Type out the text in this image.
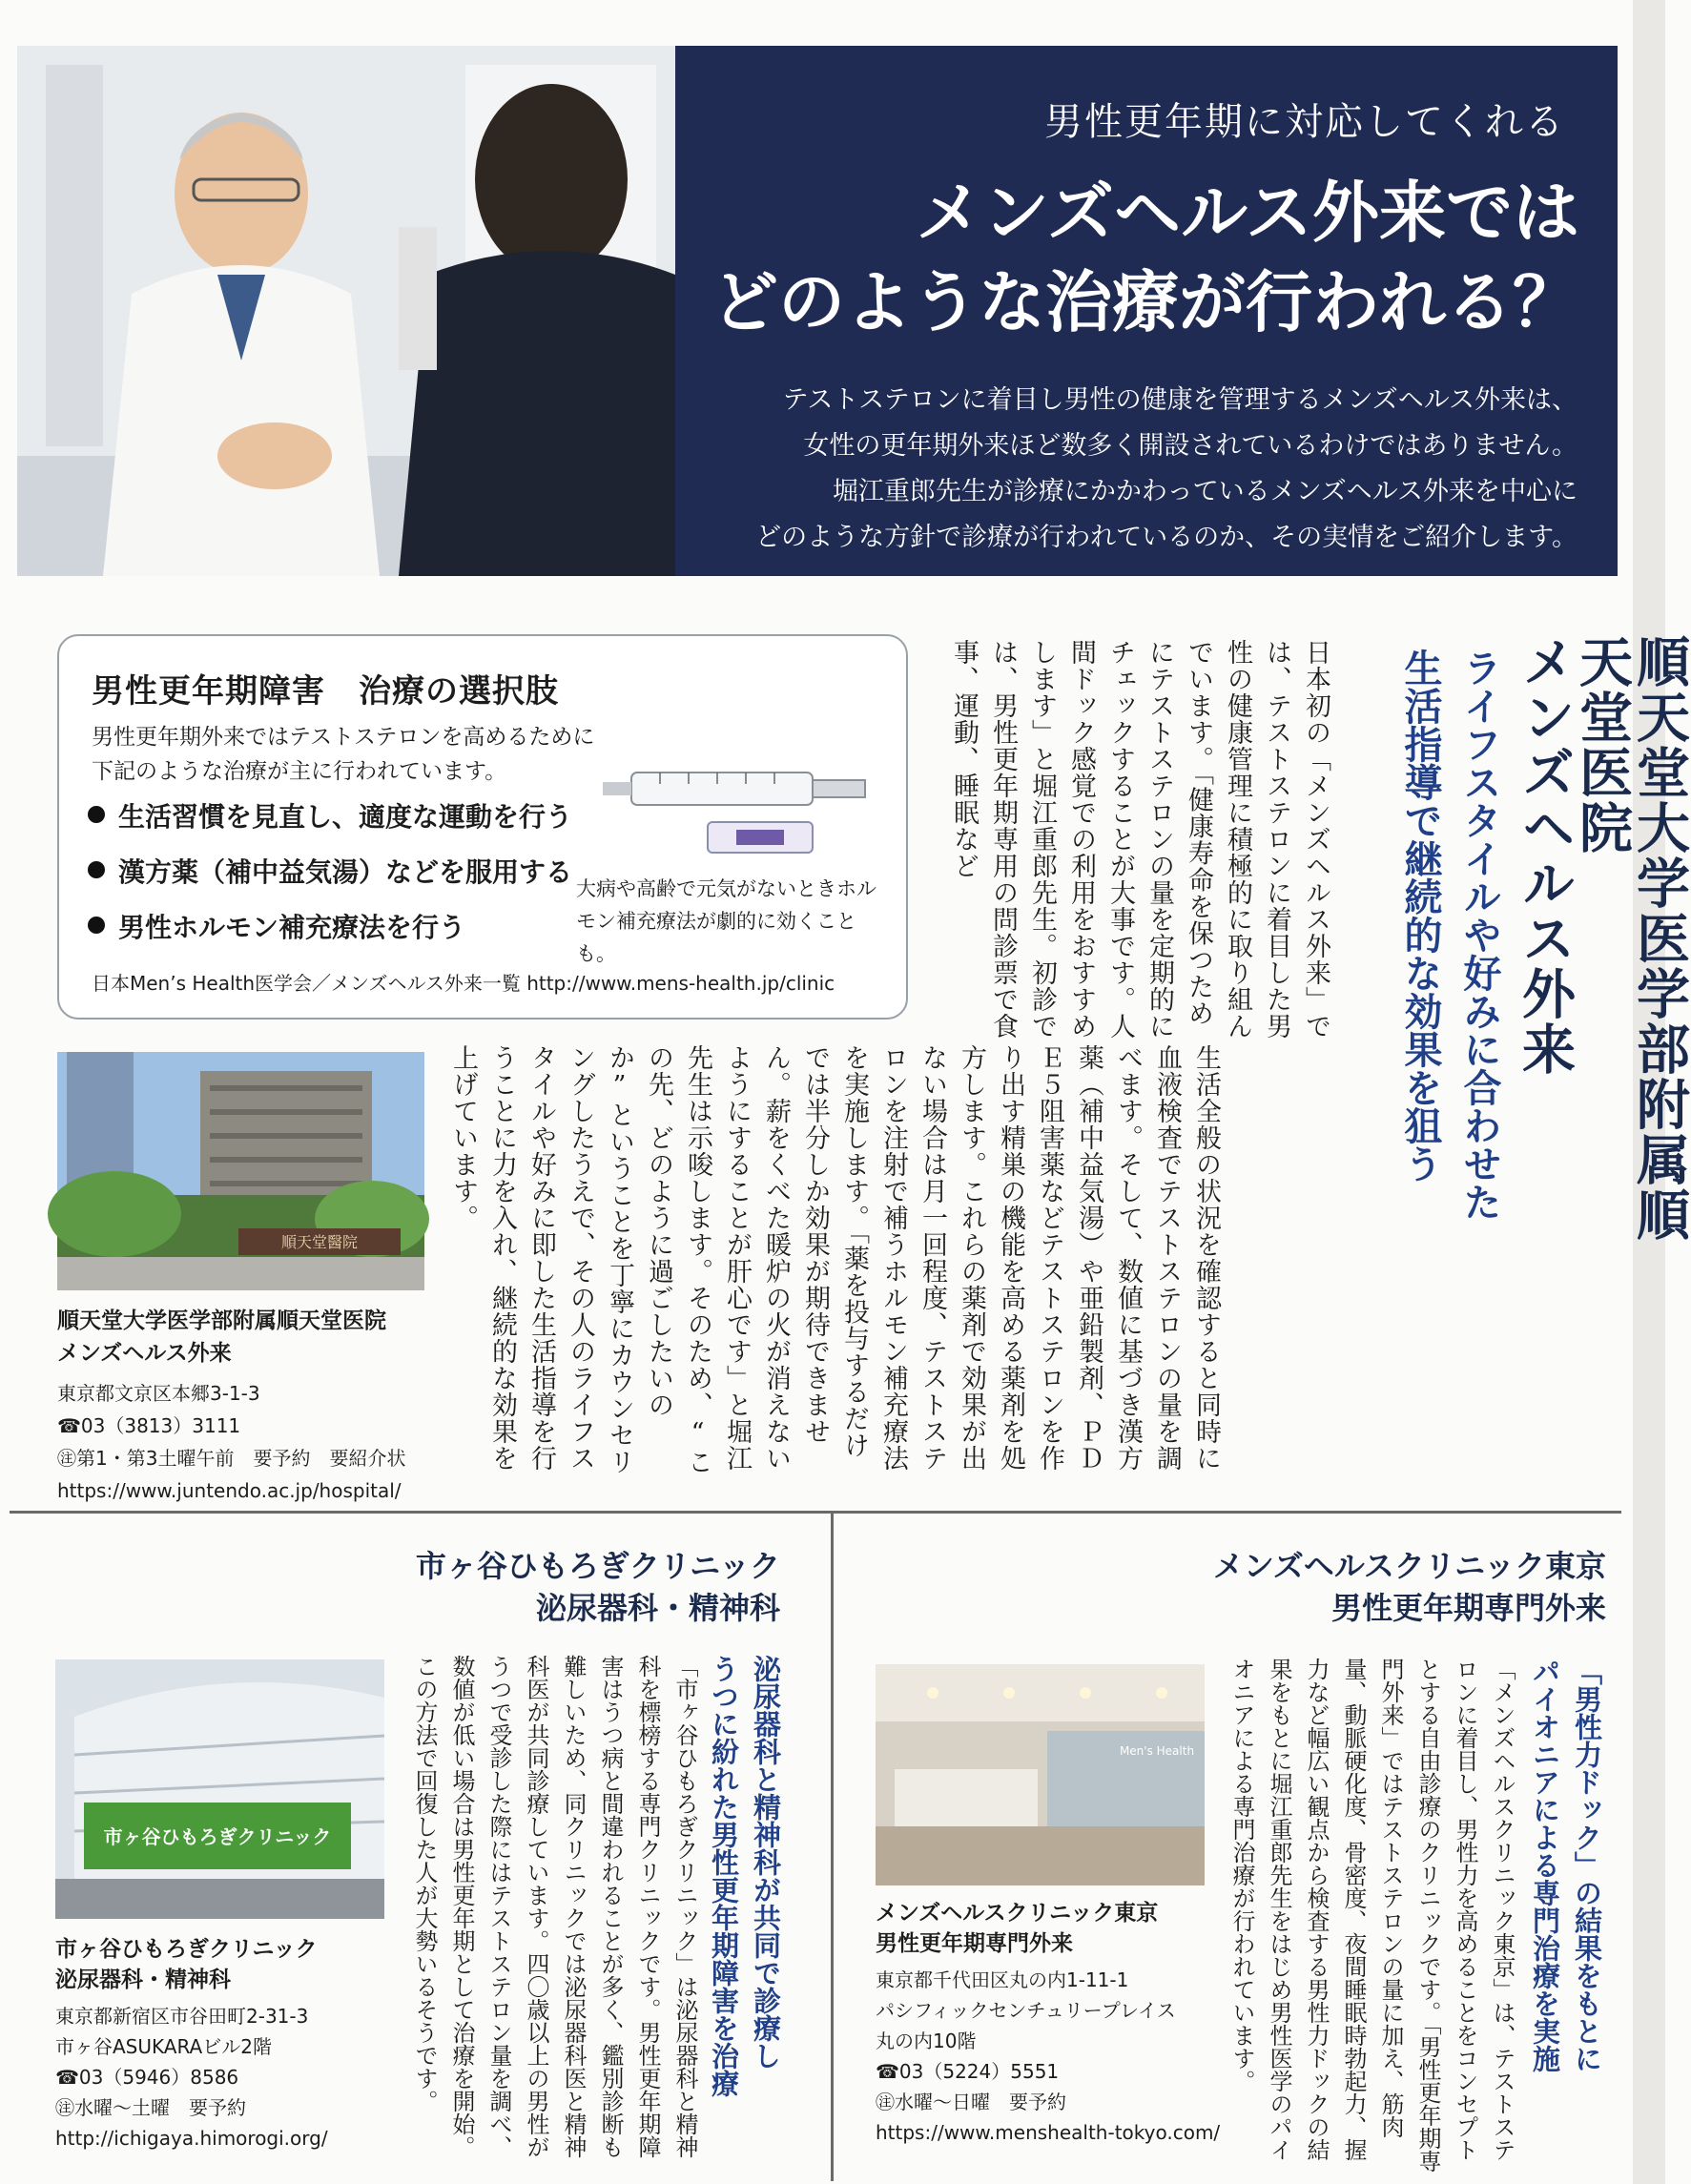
男性更年期に対応してくれる
メンズヘルス外来では
どのような治療が行われる？
テストステロンに着目し男性の健康を管理するメンズヘルス外来は、
女性の更年期外来ほど数多く開設されているわけではありません。
堀江重郎先生が診療にかかわっているメンズヘルス外来を中心に
どのような方針で診療が行われているのか、その実情をご紹介します。
男性更年期障害　治療の選択肢
男性更年期外来ではテストステロンを高めるために
下記のような治療が主に行われています。
生活習慣を見直し、適度な運動を行う
漢方薬（補中益気湯）などを服用する
男性ホルモン補充療法を行う
大病や高齢で元気がないときホル
モン補充療法が劇的に効くことも。
日本Men’s Health医学会／メンズヘルス外来一覧 http://www.mens-health.jp/clinic	順天堂大学医学部附属順天堂医院
メンズヘルス外来
ライフスタイルや好みに合わせた
生活指導で継続的な効果を狙う
日本初の「メンズヘルス外来」では、テストステロンに着目した男性の健康管理に積極的に取り組んでいます。「健康寿命を保つためにテストステロンの量を定期的にチェックすることが大事です。人間ドック感覚での利用をおすすめします」と堀江重郎先生。初診では、男性更年期専用の問診票で食事、運動、睡眠など
生活全般の状況を確認すると同時に血液検査でテストステロンの量を調べます。そして、数値に基づき漢方薬（補中益気湯）や亜鉛製剤、ＰＤＥ５阻害薬などテストステロンを作り出す精巣の機能を高める薬剤を処方します。これらの薬剤で効果が出ない場合は月一回程度、テストステロンを注射で補うホルモン補充療法を実施します。「薬を投与するだけでは半分しか効果が期待できません。薪をくべた暖炉の火が消えないようにすることが肝心です」と堀江先生は示唆します。そのため、“この先、どのように過ごしたいのか”ということを丁寧にカウンセリングしたうえで、その人のライフスタイルや好みに即した生活指導を行うことに力を入れ、継続的な効果を上げています。
順天堂醫院
順天堂大学医学部附属順天堂医院
メンズヘルス外来
東京都文京区本郷3-1-3
☎03（3813）3111
㊟第1・第3土曜午前　要予約　要紹介状
https://www.juntendo.ac.jp/hospital/
市ヶ谷ひもろぎクリニック
泌尿器科・精神科
泌尿器科と精神科が共同で診療し
うつに紛れた男性更年期障害を治療
「市ヶ谷ひもろぎクリニック」は泌尿器科と精神科を標榜する専門クリニックです。男性更年期障害はうつ病と間違われることが多く、鑑別診断も難しいため、同クリニックでは泌尿器科医と精神科医が共同診療しています。四〇歳以上の男性がうつで受診した際にはテストステロン量を調べ、数値が低い場合は男性更年期として治療を開始。この方法で回復した人が大勢いるそうです。
市ヶ谷ひもろぎクリニック
市ヶ谷ひもろぎクリニック
泌尿器科・精神科
東京都新宿区市谷田町2-31-3
市ヶ谷ASUKARAビル2階
☎03（5946）8586
㊟水曜〜土曜　要予約
http://ichigaya.himorogi.org/
メンズヘルスクリニック東京
男性更年期専門外来
「男性力ドック」の結果をもとに
パイオニアによる専門治療を実施
「メンズヘルスクリニック東京」は、テストステロンに着目し、男性力を高めることをコンセプトとする自由診療のクリニックです。「男性更年期専門外来」ではテストステロンの量に加え、筋肉量、動脈硬化度、骨密度、夜間睡眠時勃起力、握力など幅広い観点から検査する男性力ドックの結果をもとに堀江重郎先生をはじめ男性医学のパイオニアによる専門治療が行われています。
Men's Health
メンズヘルスクリニック東京
男性更年期専門外来
東京都千代田区丸の内1-11-1
パシフィックセンチュリープレイス
丸の内10階
☎03（5224）5551
㊟水曜〜日曜　要予約
https://www.menshealth-tokyo.com/
